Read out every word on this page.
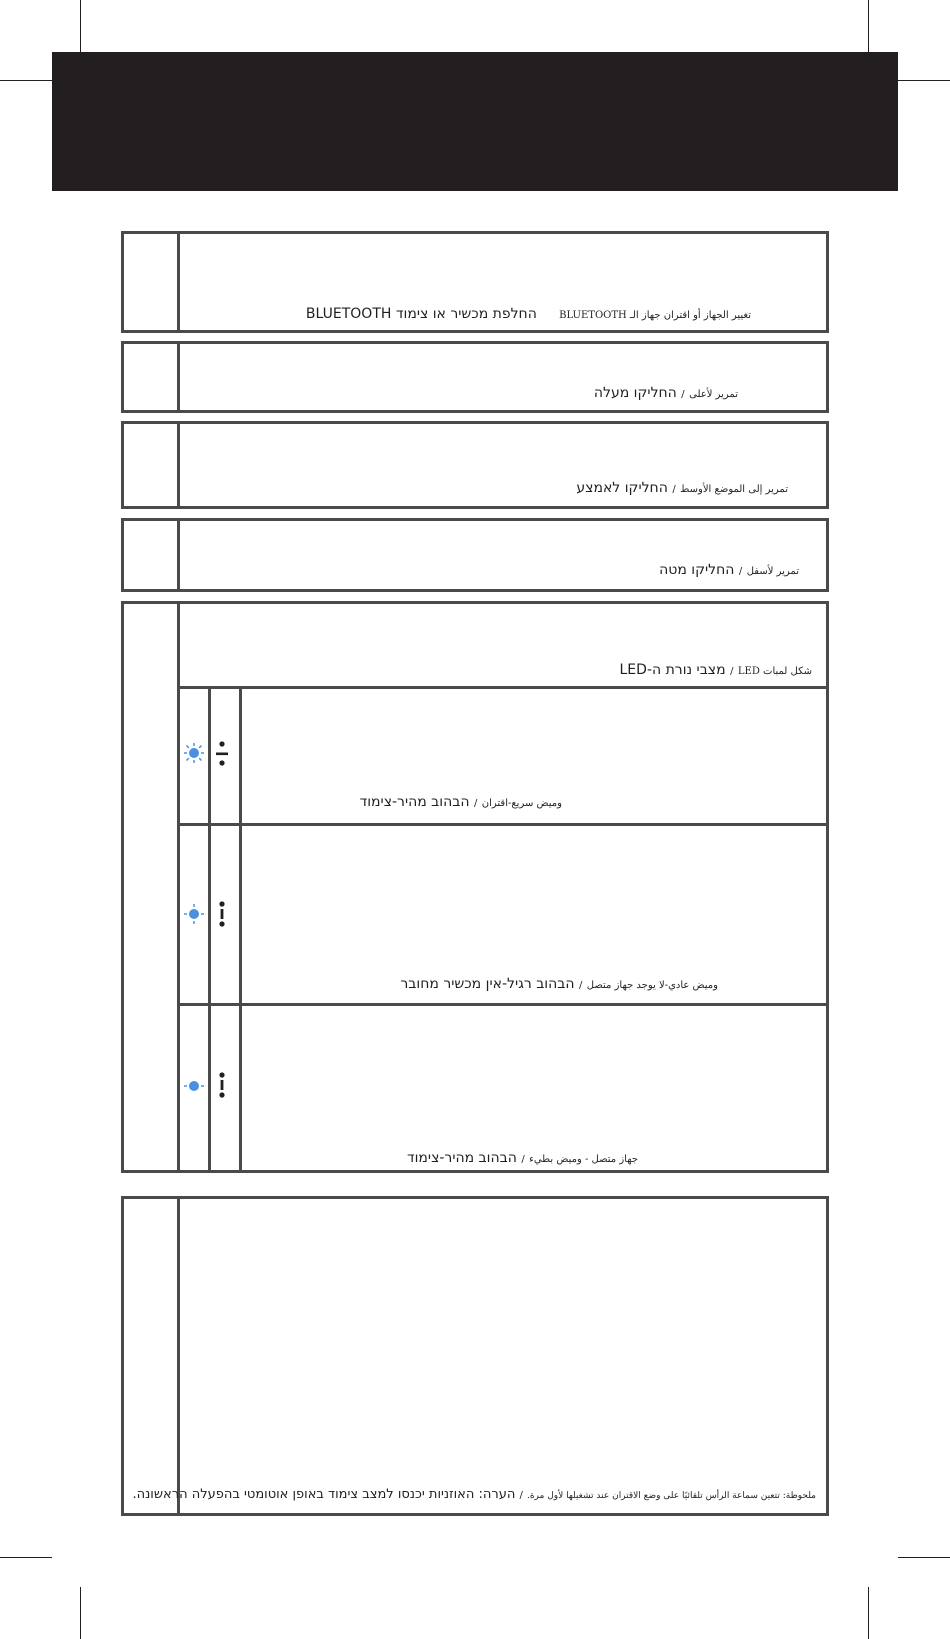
تغيير الجهاز أو اقتران جهاز الـ BLUETOOTH     החלפת מכשיר או צימוד BLUETOOTH
تمرير لأعلى / החליקו מעלה
تمرير إلى الموضع الأوسط / החליקו לאמצע
تمرير لأسفل / החליקו מטה
شكل لمبات LED / מצבי נורת ה-LED
وميض سريع-اقتران / הבהוב מהיר-צימוד
وميض عادي-لا يوجد جهاز متصل / הבהוב רגיל-אין מכשיר מחובר
جهاز متصل - وميض بطيء / הבהוב מהיר-צימוד
ملحوظة: تتعين سماعة الرأس تلقائيًا على وضع الاقتران عند تشغيلها لأول مرة. / הערה: האוזניות יכנסו למצב צימוד באופן אוטומטי בהפעלה הראשונה.
